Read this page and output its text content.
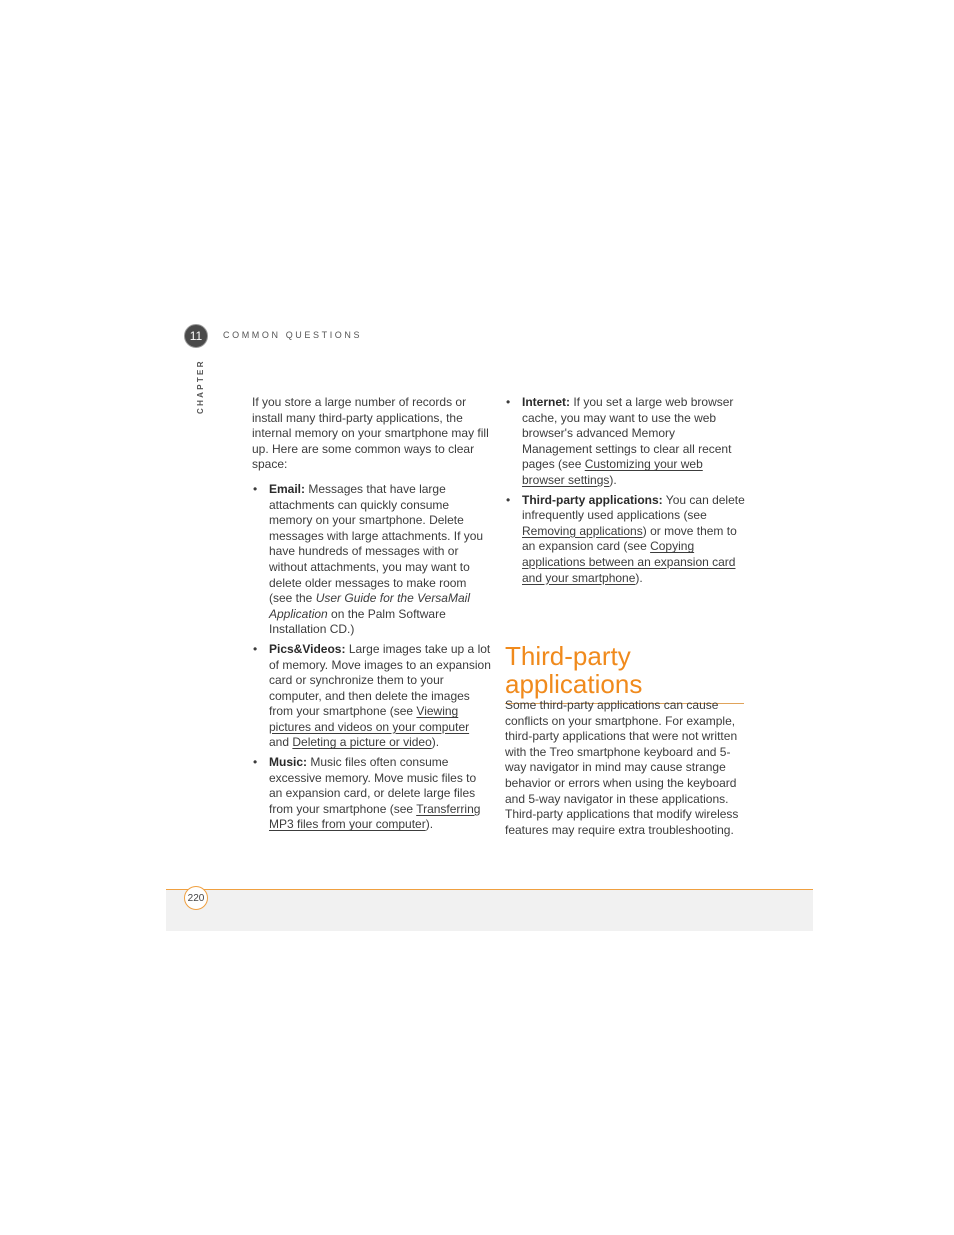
11 COMMON QUESTIONS
CHAPTER	If you store a large number of records or install many third-party applications, the internal memory on your smartphone may fill up. Here are some common ways to clear space:

• Email: Messages that have large attachments can quickly consume memory on your smartphone. Delete messages with large attachments. If you have hundreds of messages with or without attachments, you may want to delete older messages to make room (see the User Guide for the VersaMail Application on the Palm Software Installation CD.)
• Pics&Videos: Large images take up a lot of memory. Move images to an expansion card or synchronize them to your computer, and then delete the images from your smartphone (see Viewing pictures and videos on your computer and Deleting a picture or video).
• Music: Music files often consume excessive memory. Move music files to an expansion card, or delete large files from your smartphone (see Transferring MP3 files from your computer).
• Internet: If you set a large web browser cache, you may want to use the web browser's advanced Memory Management settings to clear all recent pages (see Customizing your web browser settings).
• Third-party applications: You can delete infrequently used applications (see Removing applications) or move them to an expansion card (see Copying applications between an expansion card and your smartphone).
Third-party applications

Some third-party applications can cause conflicts on your smartphone. For example, third-party applications that were not written with the Treo smartphone keyboard and 5-way navigator in mind may cause strange behavior or errors when using the keyboard and 5-way navigator in these applications. Third-party applications that modify wireless features may require extra troubleshooting.

220
